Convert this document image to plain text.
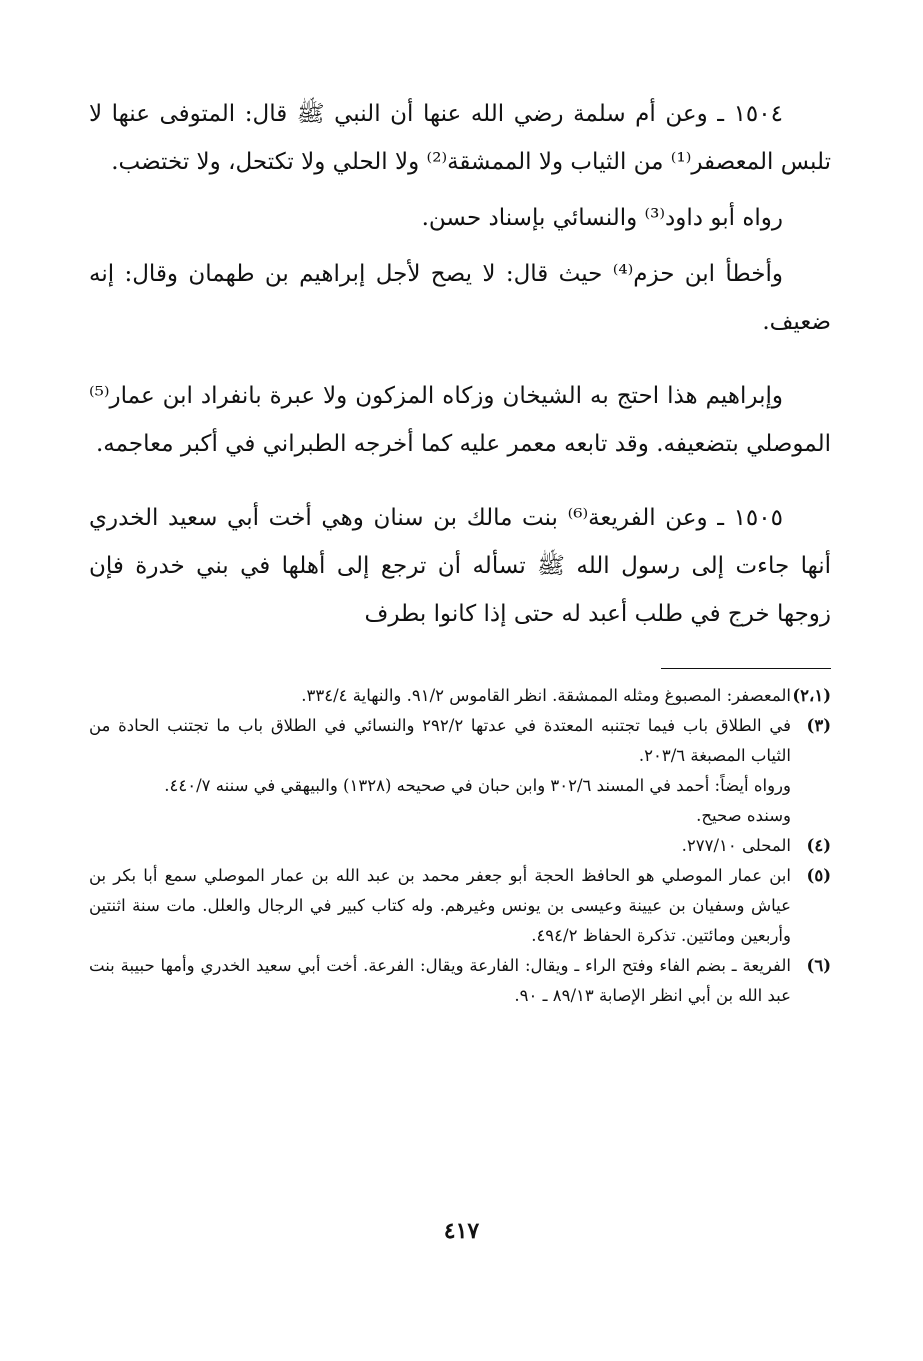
١٥٠٤ ـ وعن أم سلمة رضي الله عنها أن النبي ﷺ قال: المتوفى عنها لا تلبس المعصفر⁽¹⁾ من الثياب ولا الممشقة⁽²⁾ ولا الحلي ولا تكتحل، ولا تختضب.

رواه أبو داود⁽³⁾ والنسائي بإسناد حسن.

وأخطأ ابن حزم⁽⁴⁾ حيث قال: لا يصح لأجل إبراهيم بن طهمان وقال: إنه ضعيف.

وإبراهيم هذا احتج به الشيخان وزكاه المزكون ولا عبرة بانفراد ابن عمار⁽⁵⁾ الموصلي بتضعيفه. وقد تابعه معمر عليه كما أخرجه الطبراني في أكبر معاجمه.

١٥٠٥ ـ وعن الفريعة⁽⁶⁾ بنت مالك بن سنان وهي أخت أبي سعيد الخدري أنها جاءت إلى رسول الله ﷺ تسأله أن ترجع إلى أهلها في بني خدرة فإن زوجها خرج في طلب أعبد له حتى إذا كانوا بطرف

(٢،١)
المعصفر: المصبوغ ومثله الممشقة. انظر القاموس ٩١/٢. والنهاية ٣٣٤/٤.
(٣)
في الطلاق باب فيما تجتنبه المعتدة في عدتها ٢٩٢/٢ والنسائي في الطلاق باب ما تجتنب الحادة من الثياب المصبغة ٢٠٣/٦.
ورواه أيضاً: أحمد في المسند ٣٠٢/٦ وابن حبان في صحيحه (١٣٢٨) والبيهقي في سننه ٤٤٠/٧.
وسنده صحيح.
(٤)
المحلى ٢٧٧/١٠.
(٥)
ابن عمار الموصلي هو الحافظ الحجة أبو جعفر محمد بن عبد الله بن عمار الموصلي سمع أبا بكر بن عياش وسفيان بن عيينة وعيسى بن يونس وغيرهم. وله كتاب كبير في الرجال والعلل. مات سنة اثنتين وأربعين ومائتين. تذكرة الحفاظ ٤٩٤/٢.
(٦)
الفريعة ـ بضم الفاء وفتح الراء ـ ويقال: الفارعة ويقال: الفرعة. أخت أبي سعيد الخدري وأمها حبيبة بنت عبد الله بن أبي انظر الإصابة ٨٩/١٣ ـ ٩٠.
٤١٧
